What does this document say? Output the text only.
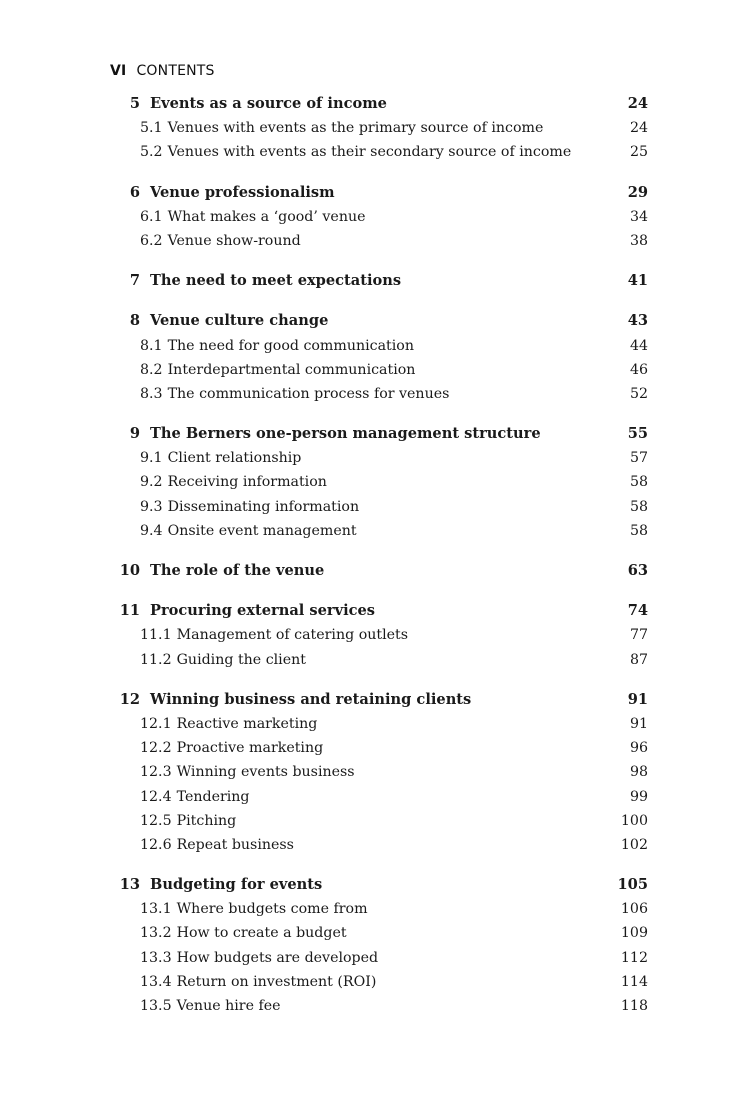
VI CONTENTS
5 Events as a source of income	24
5.1 Venues with events as the primary source of income	24
5.2 Venues with events as their secondary source of income	25
6 Venue professionalism	29
6.1 What makes a ‘good’ venue	34
6.2 Venue show-round	38
7 The need to meet expectations	41
8 Venue culture change	43
8.1 The need for good communication	44
8.2 Interdepartmental communication	46
8.3 The communication process for venues	52
9 The Berners one-person management structure	55
9.1 Client relationship	57
9.2 Receiving information	58
9.3 Disseminating information	58
9.4 Onsite event management	58
10 The role of the venue	63
11 Procuring external services	74
11.1 Management of catering outlets	77
11.2 Guiding the client	87
12 Winning business and retaining clients	91
12.1 Reactive marketing	91
12.2 Proactive marketing	96
12.3 Winning events business	98
12.4 Tendering	99
12.5 Pitching	100
12.6 Repeat business	102
13 Budgeting for events	105
13.1 Where budgets come from	106
13.2 How to create a budget	109
13.3 How budgets are developed	112
13.4 Return on investment (ROI)	114
13.5 Venue hire fee	118
